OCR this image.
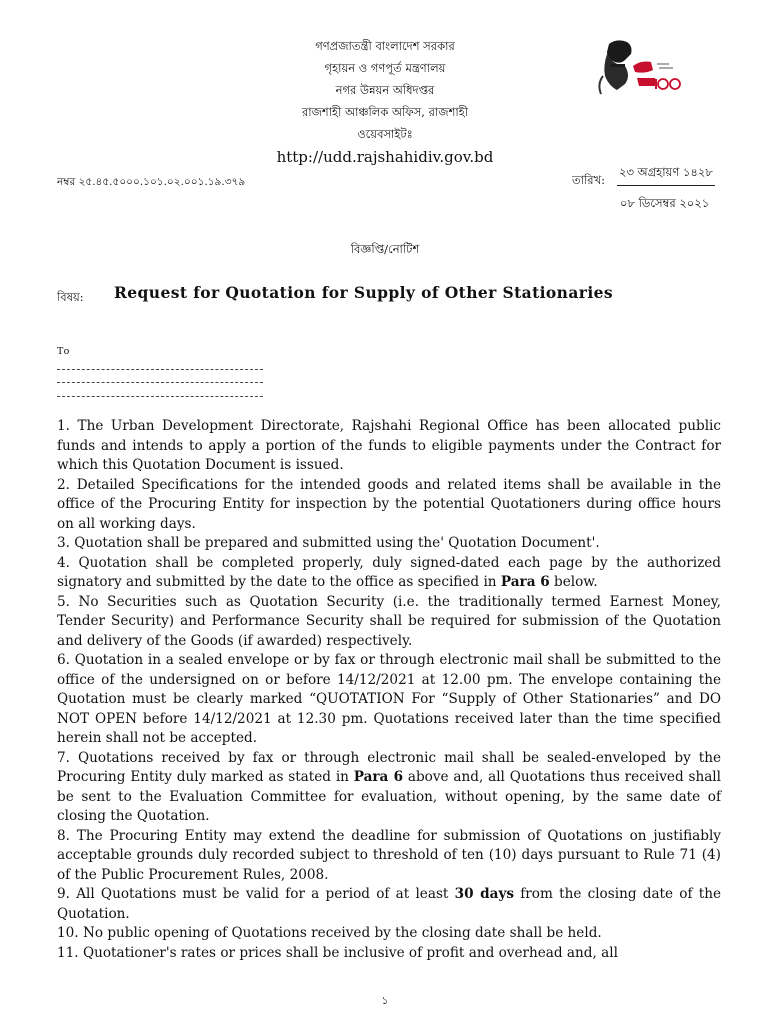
গণপ্রজাতন্ত্রী বাংলাদেশ সরকার
গৃহায়ন ও গণপূর্ত মন্ত্রণালয়
নগর উন্নয়ন অধিদপ্তর
রাজশাহী আঞ্চলিক অফিস, রাজশাহী
ওয়েবসাইটঃ
http://udd.rajshahidiv.gov.bd
নম্বর ২৫.৪৫.৫০০০.১০১.০২.০০১.১৯.৩৭৯	তারিখ:
২৩ অগ্রহায়ণ ১৪২৮
০৮ ডিসেম্বর ২০২১
বিজ্ঞপ্তি/নোটিশ
বিষয়: Request for Quotation for Supply of Other Stationaries
To

1. The Urban Development Directorate, Rajshahi Regional Office has been allocated public funds and intends to apply a portion of the funds to eligible payments under the Contract for which this Quotation Document is issued.

2. Detailed Specifications for the intended goods and related items shall be available in the office of the Procuring Entity for inspection by the potential Quotationers during office hours on all working days.

3. Quotation shall be prepared and submitted using the' Quotation Document'.

4. Quotation shall be completed properly, duly signed-dated each page by the authorized signatory and submitted by the date to the office as specified in Para 6 below.

5. No Securities such as Quotation Security (i.e. the traditionally termed Earnest Money, Tender Security) and Performance Security shall be required for submission of the Quotation and delivery of the Goods (if awarded) respectively.

6. Quotation in a sealed envelope or by fax or through electronic mail shall be submitted to the office of the undersigned on or before 14/12/2021 at 12.00 pm. The envelope containing the Quotation must be clearly marked “QUOTATION For “Supply of Other Stationaries” and DO NOT OPEN before 14/12/2021 at 12.30 pm. Quotations received later than the time specified herein shall not be accepted.

7. Quotations received by fax or through electronic mail shall be sealed-enveloped by the Procuring Entity duly marked as stated in Para 6 above and, all Quotations thus received shall be sent to the Evaluation Committee for evaluation, without opening, by the same date of closing the Quotation.

8. The Procuring Entity may extend the deadline for submission of Quotations on justifiably acceptable grounds duly recorded subject to threshold of ten (10) days pursuant to Rule 71 (4) of the Public Procurement Rules, 2008.

9. All Quotations must be valid for a period of at least 30 days from the closing date of the Quotation.

10. No public opening of Quotations received by the closing date shall be held.

11. Quotationer's rates or prices shall be inclusive of profit and overhead and, all

১
